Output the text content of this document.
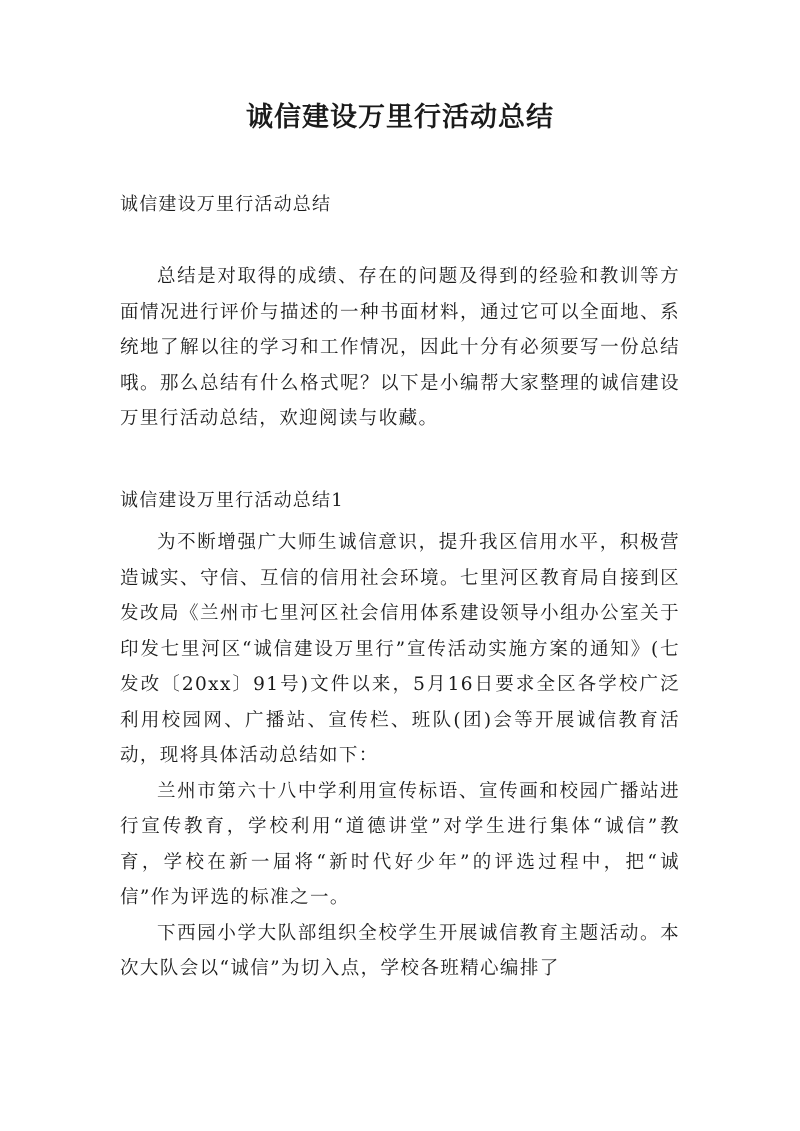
诚信建设万里行活动总结

诚信建设万里行活动总结

总结是对取得的成绩、存在的问题及得到的经验和教训等方面情况进行评价与描述的一种书面材料，通过它可以全面地、系统地了解以往的学习和工作情况，因此十分有必须要写一份总结哦。那么总结有什么格式呢？以下是小编帮大家整理的诚信建设万里行活动总结，欢迎阅读与收藏。

诚信建设万里行活动总结1

为不断增强广大师生诚信意识，提升我区信用水平，积极营造诚实、守信、互信的信用社会环境。七里河区教育局自接到区发改局《兰州市七里河区社会信用体系建设领导小组办公室关于印发七里河区“诚信建设万里行”宣传活动实施方案的通知》(七发改〔20xx〕91号)文件以来，5月16日要求全区各学校广泛利用校园网、广播站、宣传栏、班队(团)会等开展诚信教育活动，现将具体活动总结如下：

兰州市第六十八中学利用宣传标语、宣传画和校园广播站进行宣传教育，学校利用“道德讲堂”对学生进行集体“诚信”教育，学校在新一届将“新时代好少年”的评选过程中，把“诚信”作为评选的标准之一。

下西园小学大队部组织全校学生开展诚信教育主题活动。本次大队会以“诚信”为切入点，学校各班精心编排了
